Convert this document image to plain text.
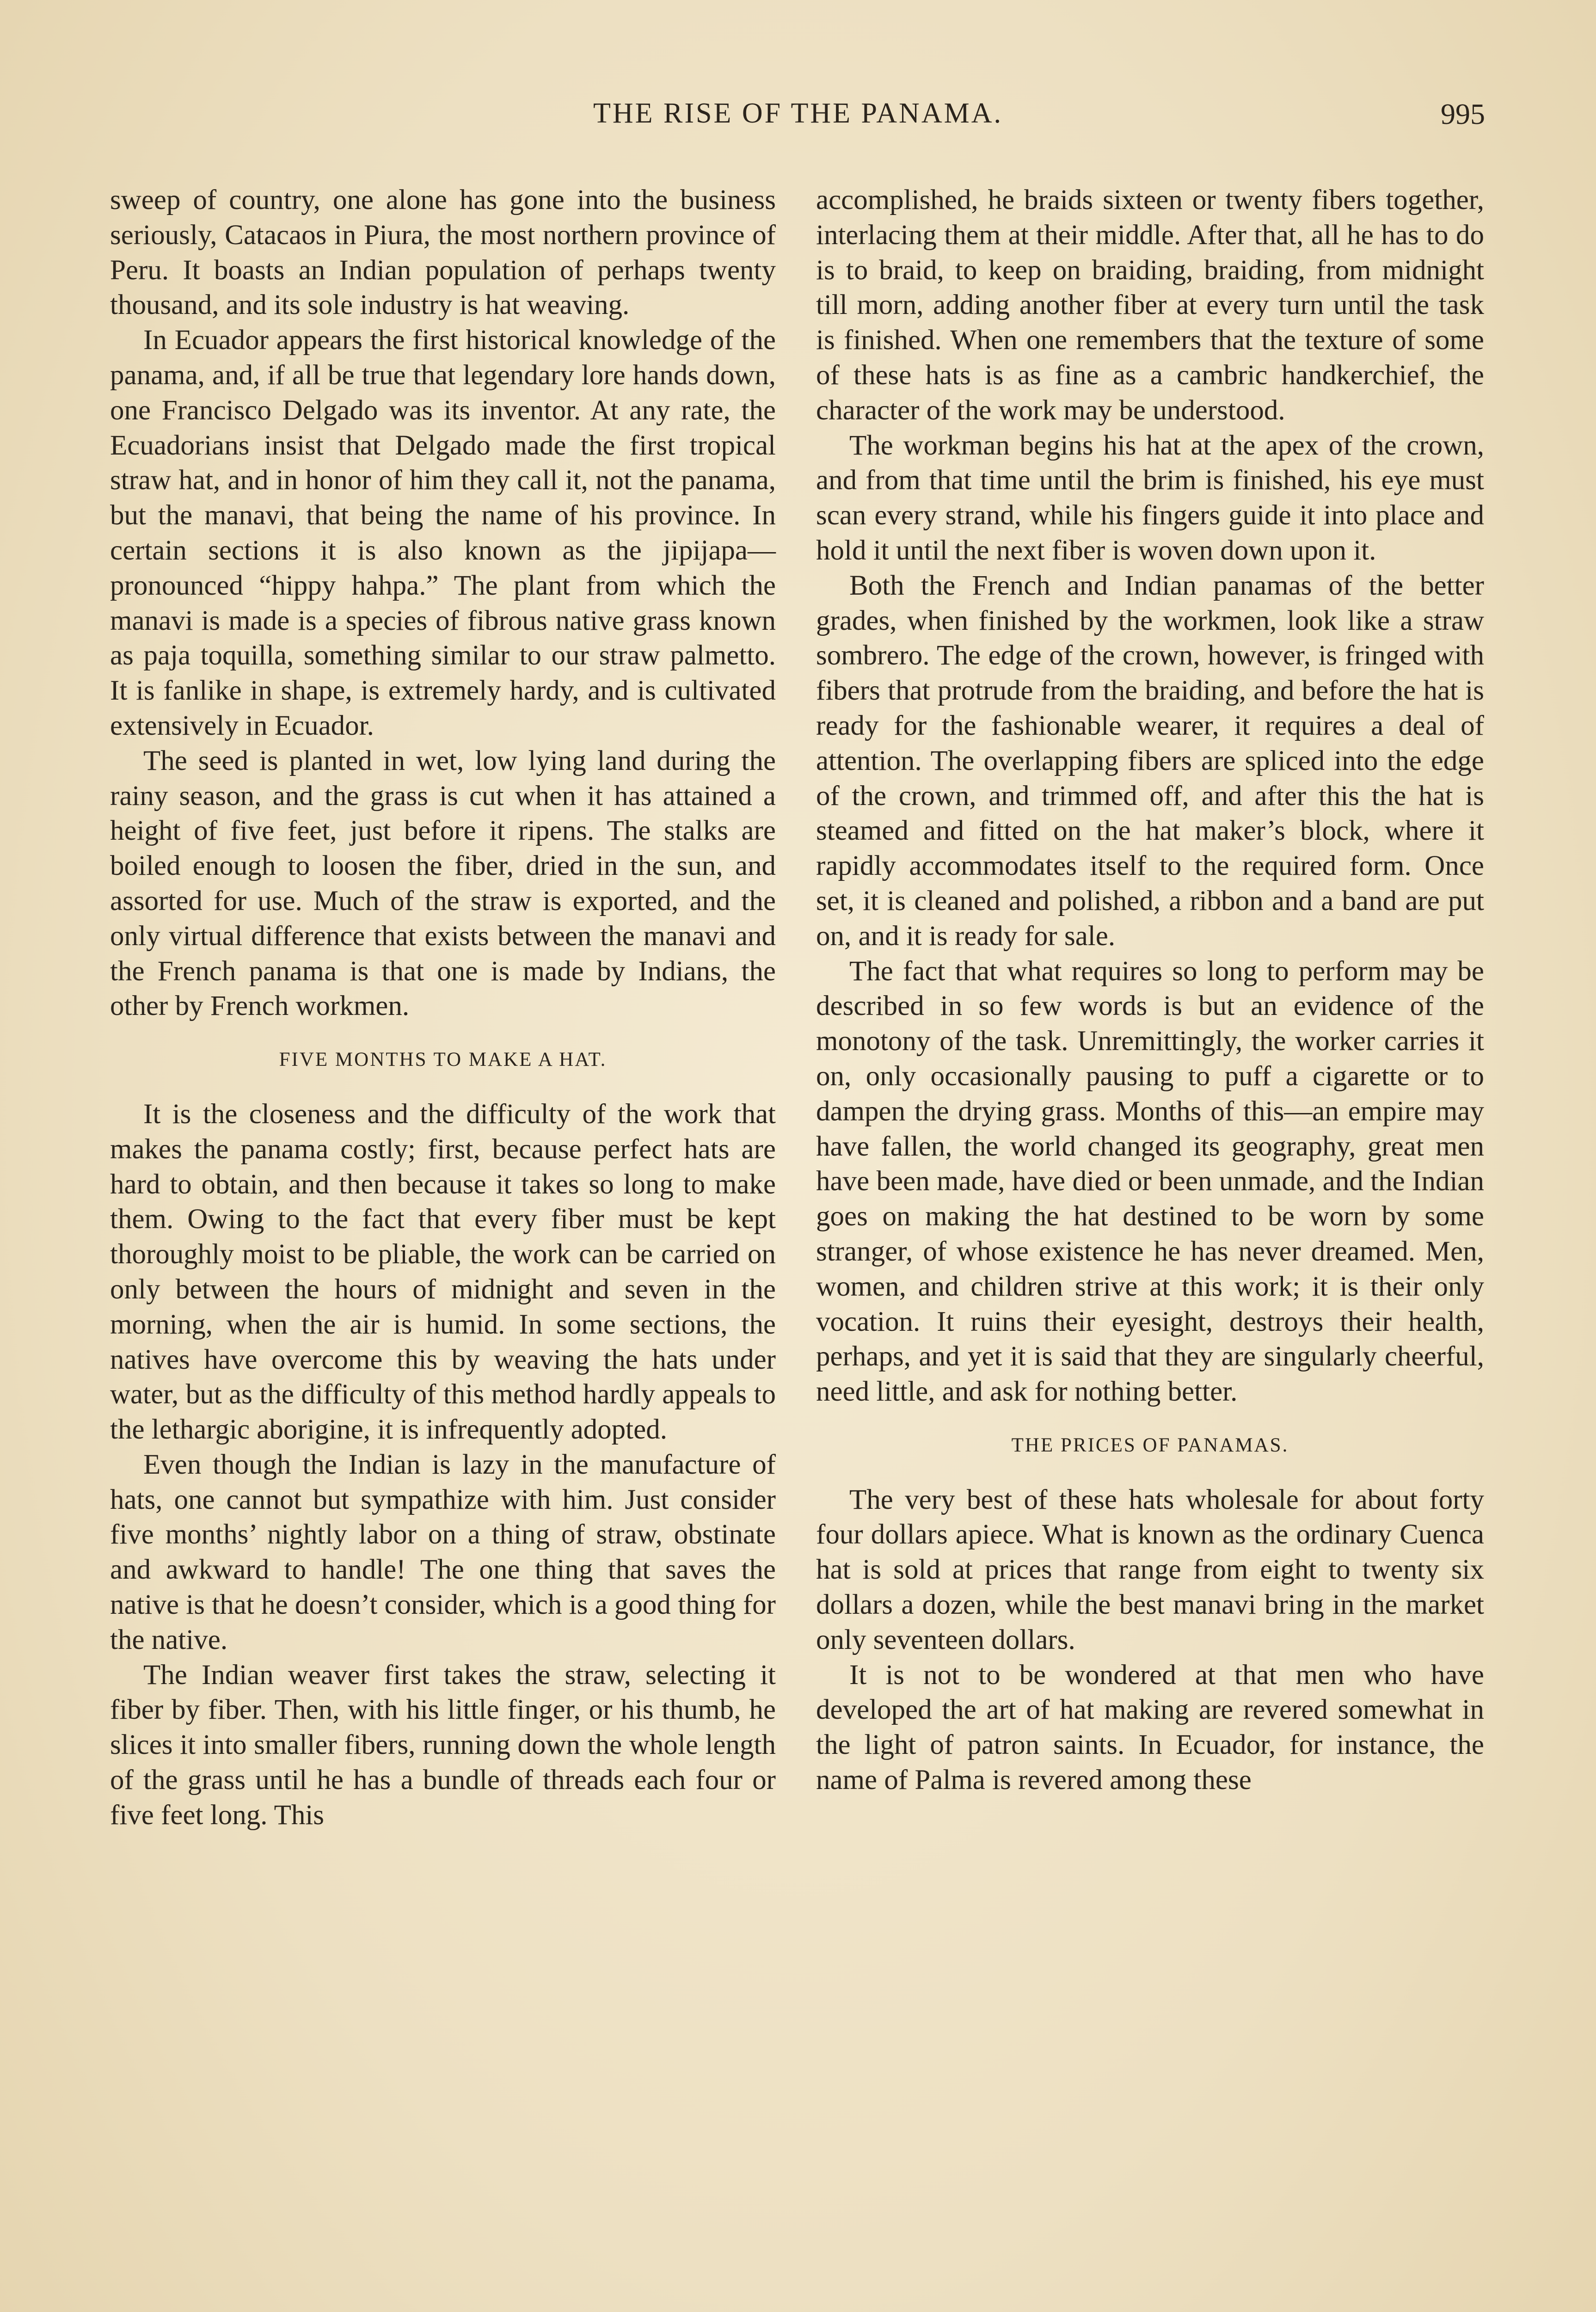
THE RISE OF THE PANAMA.	995

sweep of country, one alone has gone into the business seriously, Catacaos in Piura, the most northern province of Peru. It boasts an Indian population of perhaps twenty thousand, and its sole industry is hat weaving.

In Ecuador appears the first historical knowledge of the panama, and, if all be true that legendary lore hands down, one Francisco Delgado was its inventor. At any rate, the Ecuadorians insist that Delgado made the first tropical straw hat, and in honor of him they call it, not the panama, but the manavi, that being the name of his province. In certain sections it is also known as the jipijapa—pronounced “hippy hahpa.” The plant from which the manavi is made is a species of fibrous native grass known as paja toquilla, something similar to our straw palmetto. It is fanlike in shape, is extremely hardy, and is cultivated extensively in Ecuador.

The seed is planted in wet, low lying land during the rainy season, and the grass is cut when it has attained a height of five feet, just before it ripens. The stalks are boiled enough to loosen the fiber, dried in the sun, and assorted for use. Much of the straw is exported, and the only virtual difference that exists between the manavi and the French panama is that one is made by Indians, the other by French workmen.

FIVE MONTHS TO MAKE A HAT.

It is the closeness and the difficulty of the work that makes the panama costly; first, because perfect hats are hard to obtain, and then because it takes so long to make them. Owing to the fact that every fiber must be kept thoroughly moist to be pliable, the work can be carried on only between the hours of midnight and seven in the morning, when the air is humid. In some sections, the natives have overcome this by weaving the hats under water, but as the difficulty of this method hardly appeals to the lethargic aborigine, it is infrequently adopted.

Even though the Indian is lazy in the manufacture of hats, one cannot but sympathize with him. Just consider five months’ nightly labor on a thing of straw, obstinate and awkward to handle! The one thing that saves the native is that he doesn’t consider, which is a good thing for the native.

The Indian weaver first takes the straw, selecting it fiber by fiber. Then, with his little finger, or his thumb, he slices it into smaller fibers, running down the whole length of the grass until he has a bundle of threads each four or five feet long. This

accomplished, he braids sixteen or twenty fibers together, interlacing them at their middle. After that, all he has to do is to braid, to keep on braiding, braiding, from midnight till morn, adding another fiber at every turn until the task is finished. When one remembers that the texture of some of these hats is as fine as a cambric handkerchief, the character of the work may be understood.

The workman begins his hat at the apex of the crown, and from that time until the brim is finished, his eye must scan every strand, while his fingers guide it into place and hold it until the next fiber is woven down upon it.

Both the French and Indian panamas of the better grades, when finished by the workmen, look like a straw sombrero. The edge of the crown, however, is fringed with fibers that protrude from the braiding, and before the hat is ready for the fashionable wearer, it requires a deal of attention. The overlapping fibers are spliced into the edge of the crown, and trimmed off, and after this the hat is steamed and fitted on the hat maker’s block, where it rapidly accommodates itself to the required form. Once set, it is cleaned and polished, a ribbon and a band are put on, and it is ready for sale.

The fact that what requires so long to perform may be described in so few words is but an evidence of the monotony of the task. Unremittingly, the worker carries it on, only occasionally pausing to puff a cigarette or to dampen the drying grass. Months of this—an empire may have fallen, the world changed its geography, great men have been made, have died or been unmade, and the Indian goes on making the hat destined to be worn by some stranger, of whose existence he has never dreamed. Men, women, and children strive at this work; it is their only vocation. It ruins their eyesight, destroys their health, perhaps, and yet it is said that they are singularly cheerful, need little, and ask for nothing better.

THE PRICES OF PANAMAS.

The very best of these hats wholesale for about forty four dollars apiece. What is known as the ordinary Cuenca hat is sold at prices that range from eight to twenty six dollars a dozen, while the best manavi bring in the market only seventeen dollars.

It is not to be wondered at that men who have developed the art of hat making are revered somewhat in the light of patron saints. In Ecuador, for instance, the name of Palma is revered among these
